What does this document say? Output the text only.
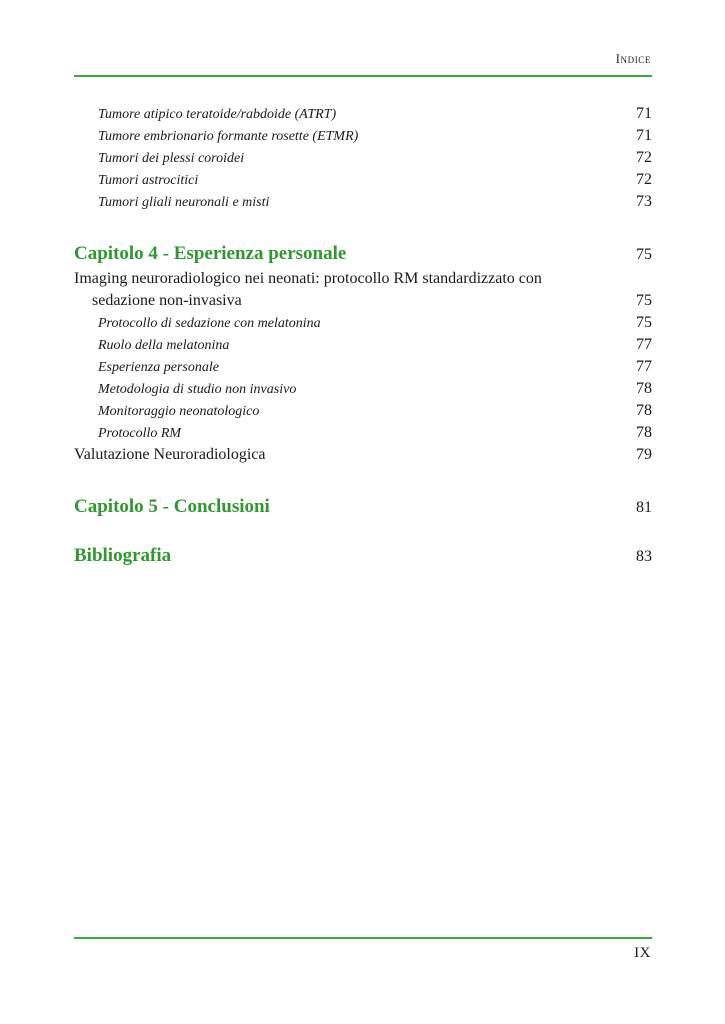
Indice
Tumore atipico teratoide/rabdoide (ATRT)	71
Tumore embrionario formante rosette (ETMR)	71
Tumori dei plessi coroidei	72
Tumori astrocitici	72
Tumori gliali neuronali e misti	73
Capitolo 4 - Esperienza personale	75
Imaging neuroradiologico nei neonati: protocollo RM standardizzato con
sedazione non-invasiva	75
Protocollo di sedazione con melatonina	75
Ruolo della melatonina	77
Esperienza personale	77
Metodologia di studio non invasivo	78
Monitoraggio neonatologico	78
Protocollo RM	78
Valutazione Neuroradiologica	79
Capitolo 5 - Conclusioni	81
Bibliografia	83
IX
